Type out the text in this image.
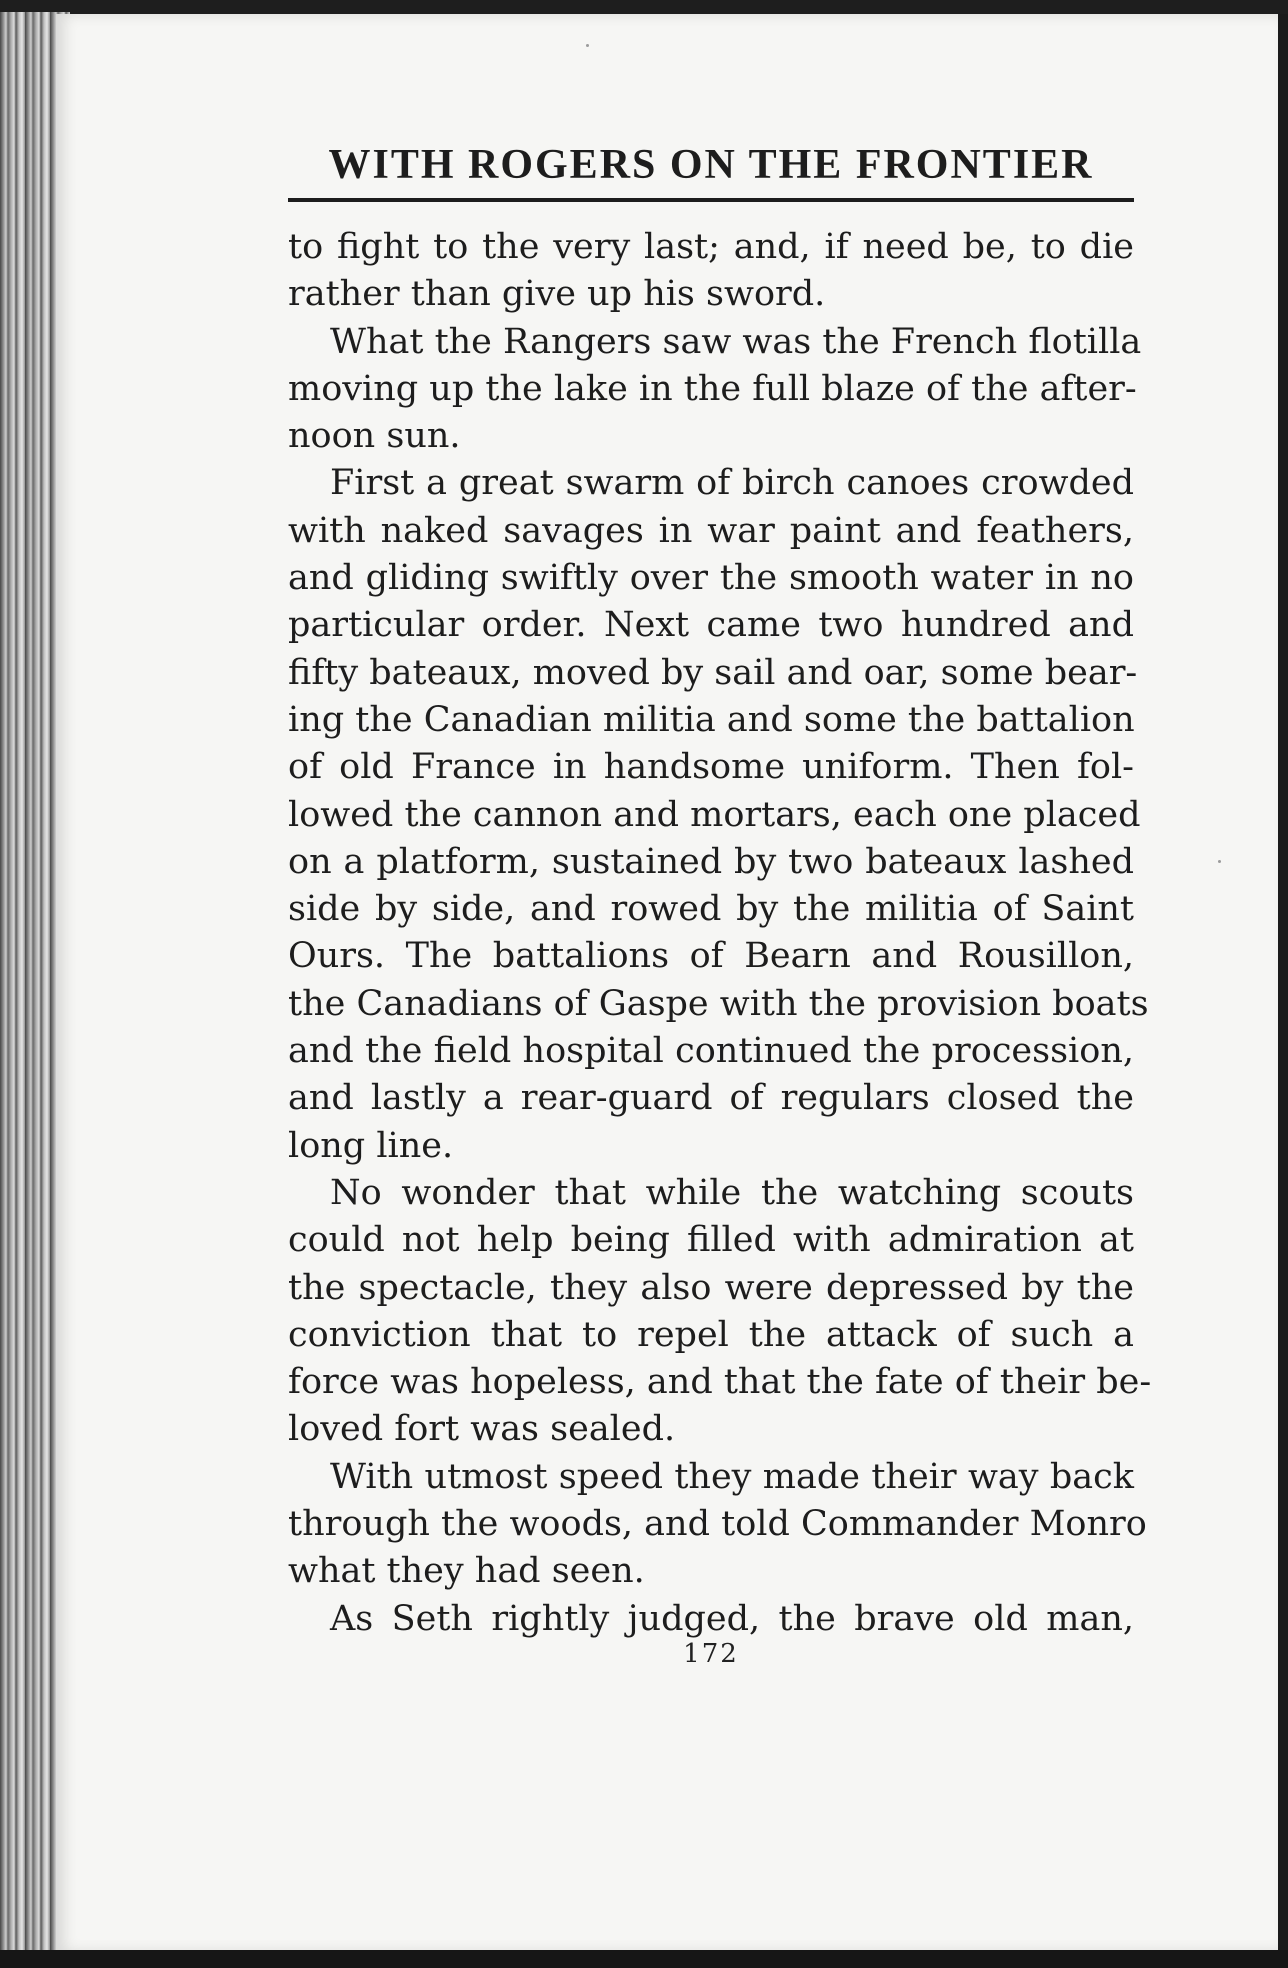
WITH ROGERS ON THE FRONTIER
to fight to the very last; and, if need be, to die
rather than give up his sword.
What the Rangers saw was the French flotilla
moving up the lake in the full blaze of the after-
noon sun.
First a great swarm of birch canoes crowded
with naked savages in war paint and feathers,
and gliding swiftly over the smooth water in no
particular order. Next came two hundred and
fifty bateaux, moved by sail and oar, some bear-
ing the Canadian militia and some the battalion
of old France in handsome uniform. Then fol-
lowed the cannon and mortars, each one placed
on a platform, sustained by two bateaux lashed
side by side, and rowed by the militia of Saint
Ours. The battalions of Bearn and Rousillon,
the Canadians of Gaspe with the provision boats
and the field hospital continued the procession,
and lastly a rear-guard of regulars closed the
long line.
No wonder that while the watching scouts
could not help being filled with admiration at
the spectacle, they also were depressed by the
conviction that to repel the attack of such a
force was hopeless, and that the fate of their be-
loved fort was sealed.
With utmost speed they made their way back
through the woods, and told Commander Monro
what they had seen.
As Seth rightly judged, the brave old man,
172
